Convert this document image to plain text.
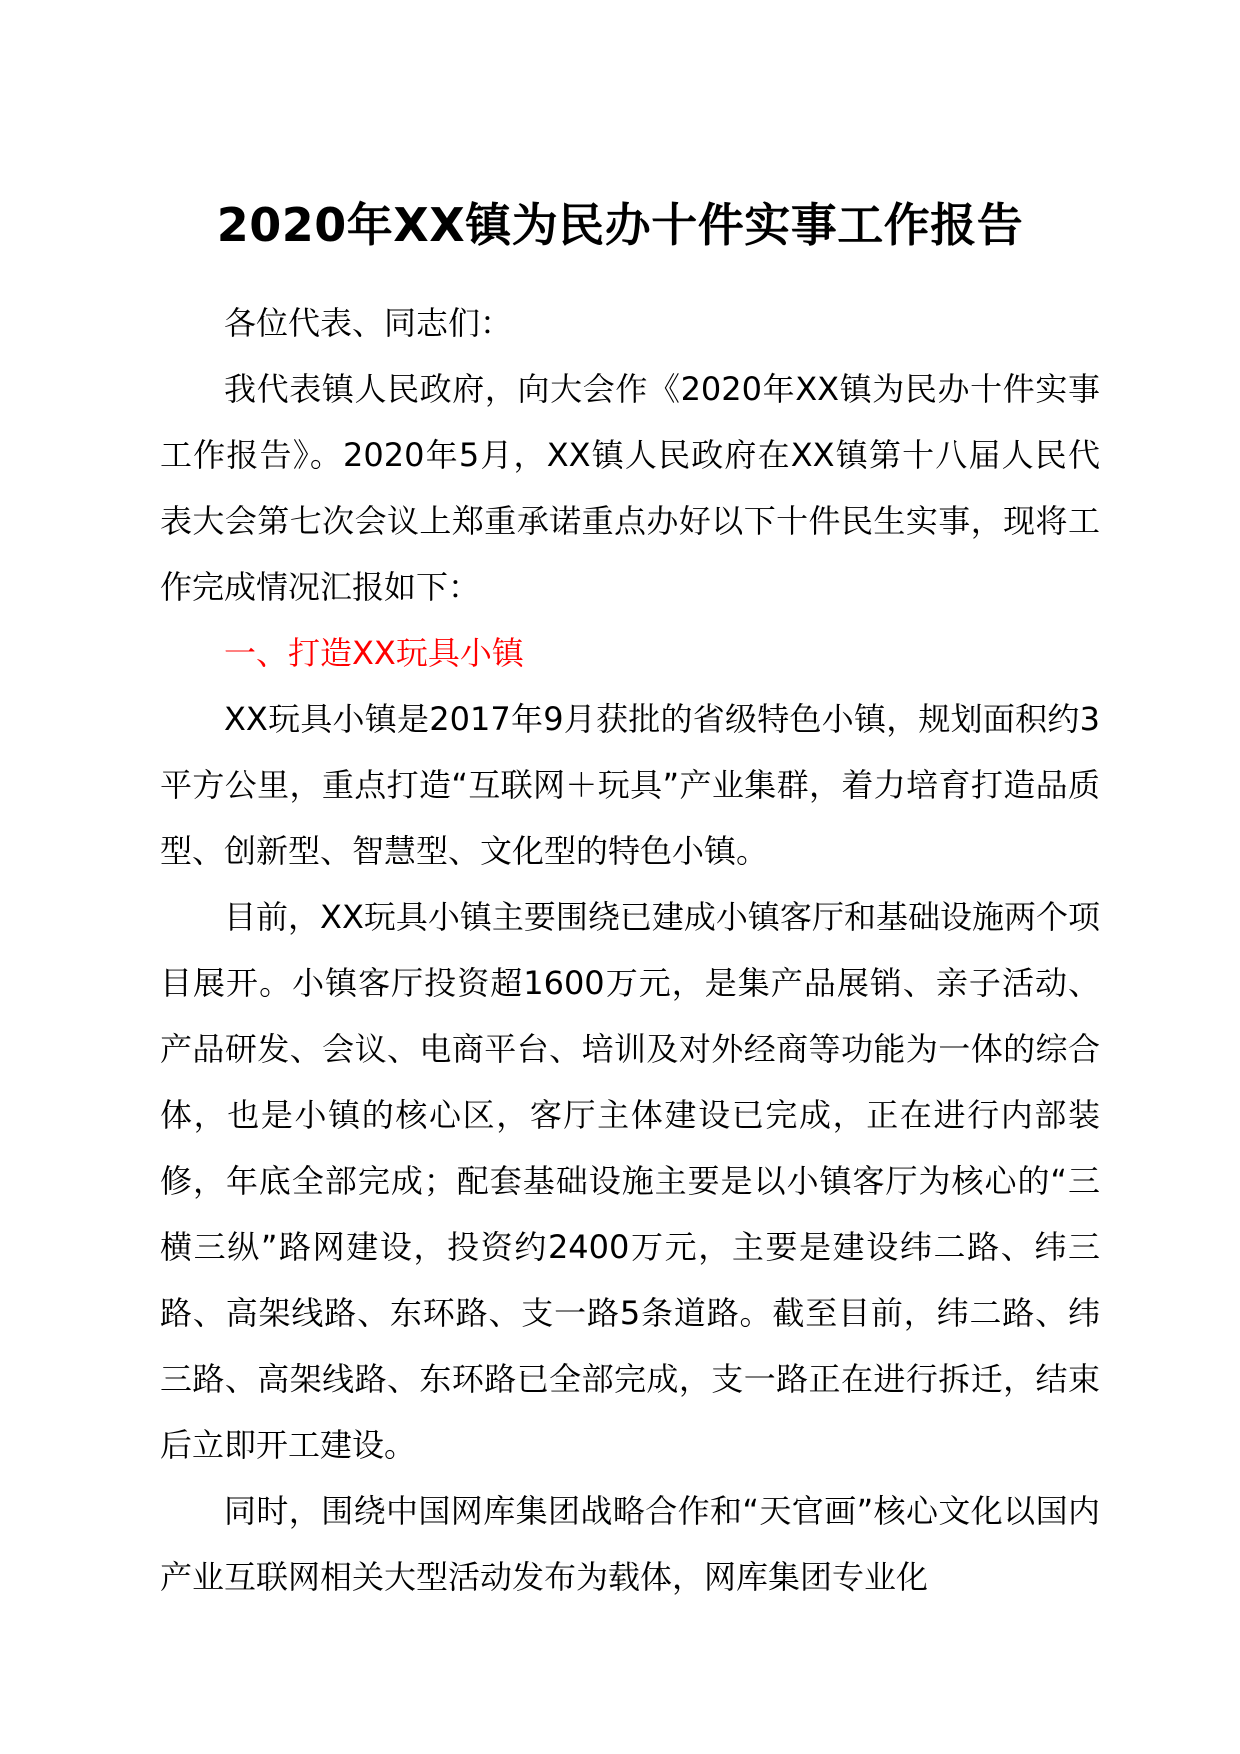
2020年XX镇为民办十件实事工作报告

各位代表、同志们：

我代表镇人民政府，向大会作《2020年XX镇为民办十件实事工作报告》。2020年5月，XX镇人民政府在XX镇第十八届人民代表大会第七次会议上郑重承诺重点办好以下十件民生实事，现将工作完成情况汇报如下：

一、打造XX玩具小镇

XX玩具小镇是2017年9月获批的省级特色小镇，规划面积约3平方公里，重点打造“互联网＋玩具”产业集群，着力培育打造品质型、创新型、智慧型、文化型的特色小镇。

目前，XX玩具小镇主要围绕已建成小镇客厅和基础设施两个项目展开。小镇客厅投资超1600万元，是集产品展销、亲子活动、产品研发、会议、电商平台、培训及对外经商等功能为一体的综合体，也是小镇的核心区，客厅主体建设已完成，正在进行内部装修，年底全部完成；配套基础设施主要是以小镇客厅为核心的“三横三纵”路网建设，投资约2400万元，主要是建设纬二路、纬三路、高架线路、东环路、支一路5条道路。截至目前，纬二路、纬三路、高架线路、东环路已全部完成，支一路正在进行拆迁，结束后立即开工建设。

同时，围绕中国网库集团战略合作和“天官画”核心文化以国内产业互联网相关大型活动发布为载体，网库集团专业化
